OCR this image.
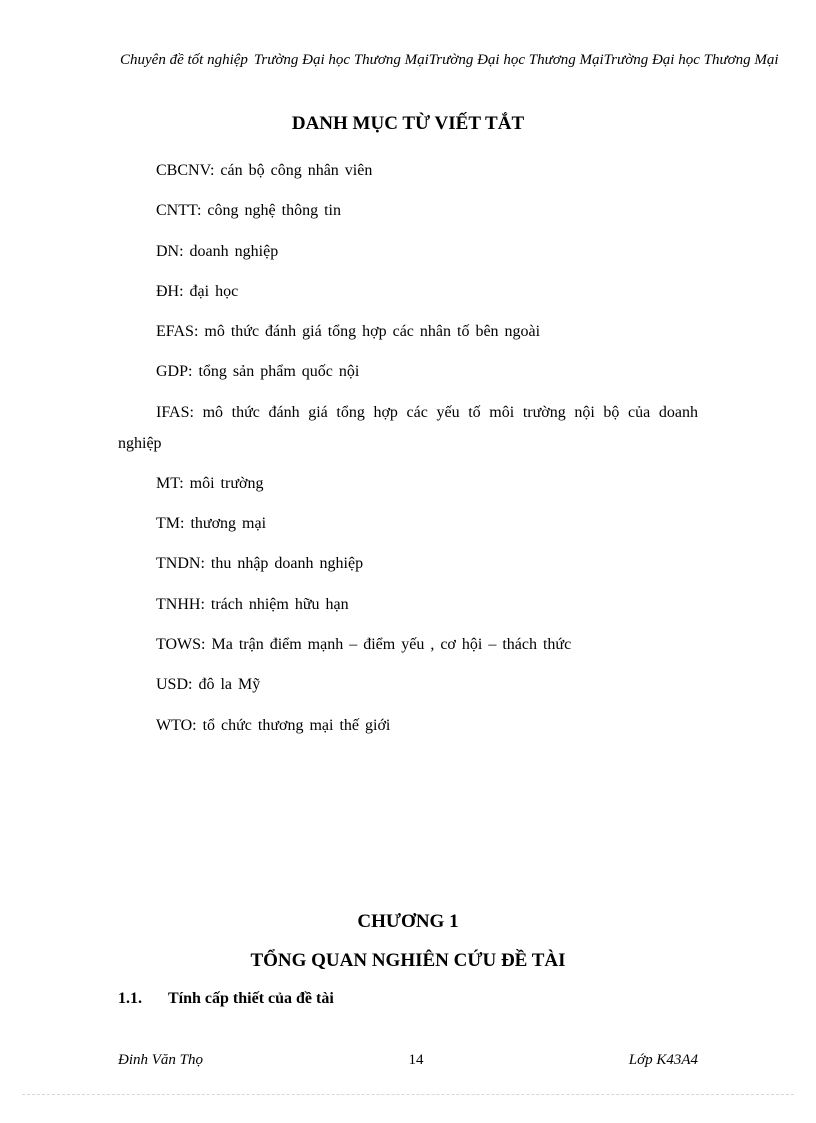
Chuyên đề tốt nghiệp Trường Đại học Thương MạiTrường Đại học Thương MạiTrường Đại học Thương Mại
DANH MỤC TỪ VIẾT TẮT
CBCNV: cán bộ công nhân viên
CNTT: công nghệ thông tin
DN: doanh nghiệp
ĐH: đại học
EFAS: mô thức đánh giá tổng hợp các nhân tố bên ngoài
GDP: tổng sản phẩm quốc nội
IFAS: mô thức đánh giá tổng hợp các yếu tố môi trường nội bộ của doanh nghiệp
MT: môi trường
TM: thương mại
TNDN: thu nhập doanh nghiệp
TNHH: trách nhiệm hữu hạn
TOWS: Ma trận điểm mạnh – điểm yếu , cơ hội – thách thức
USD: đô la Mỹ
WTO: tổ chức thương mại thế giới
CHƯƠNG 1
TỔNG QUAN NGHIÊN CỨU ĐỀ TÀI
1.1. Tính cấp thiết của đề tài
Đinh Văn Thọ	14	Lớp K43A4
